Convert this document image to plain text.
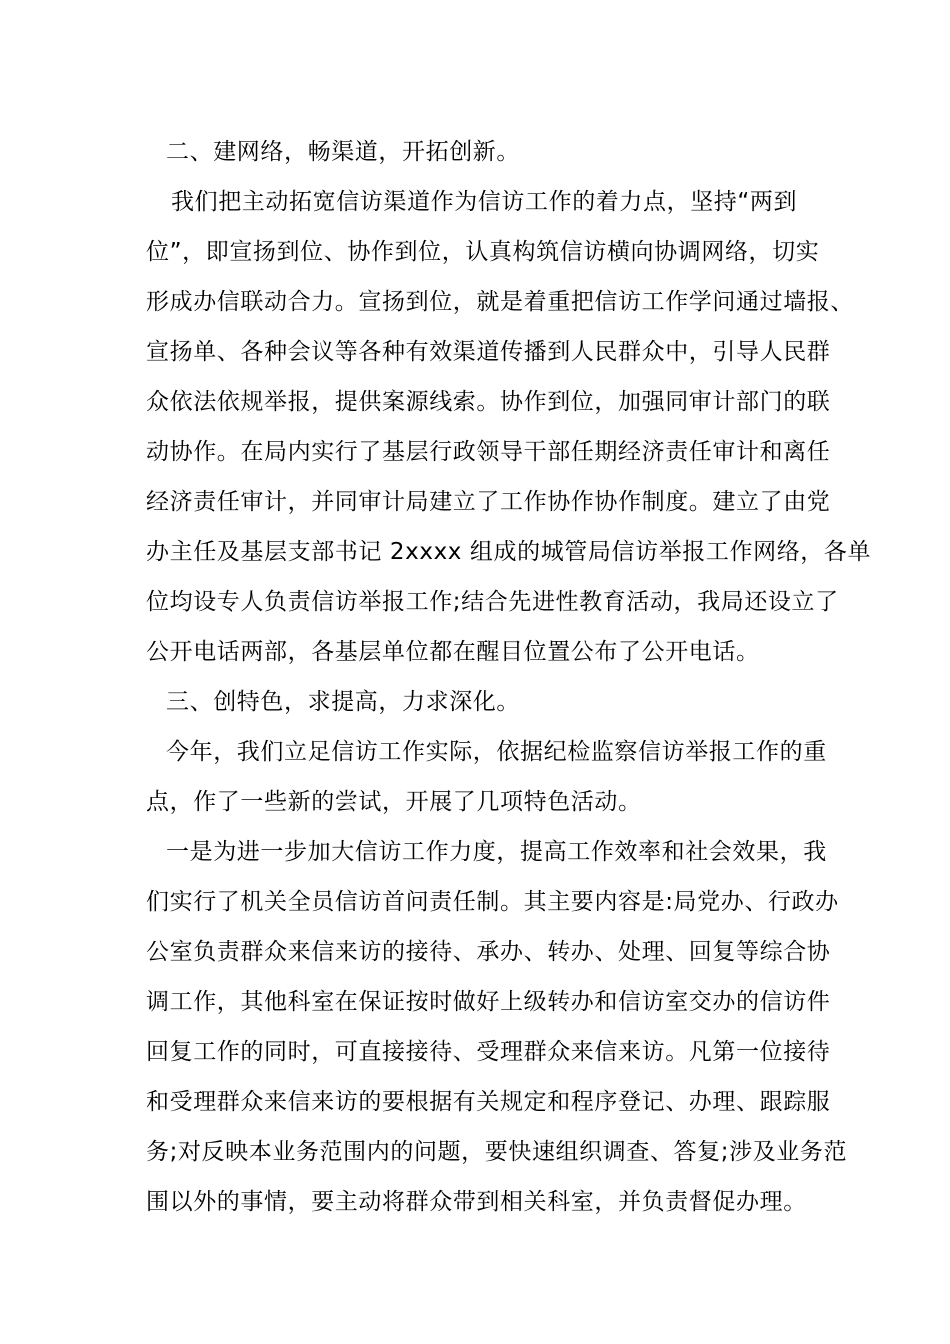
二、建网络，畅渠道，开拓创新。
我们把主动拓宽信访渠道作为信访工作的着力点，坚持“两到
位”，即宣扬到位、协作到位，认真构筑信访横向协调网络，切实
形成办信联动合力。宣扬到位，就是着重把信访工作学问通过墙报、
宣扬单、各种会议等各种有效渠道传播到人民群众中，引导人民群
众依法依规举报，提供案源线索。协作到位，加强同审计部门的联
动协作。在局内实行了基层行政领导干部任期经济责任审计和离任
经济责任审计，并同审计局建立了工作协作协作制度。建立了由党
办主任及基层支部书记 2xxxx 组成的城管局信访举报工作网络，各单
位均设专人负责信访举报工作;结合先进性教育活动，我局还设立了
公开电话两部，各基层单位都在醒目位置公布了公开电话。
三、创特色，求提高，力求深化。
今年，我们立足信访工作实际，依据纪检监察信访举报工作的重
点，作了一些新的尝试，开展了几项特色活动。
一是为进一步加大信访工作力度，提高工作效率和社会效果，我
们实行了机关全员信访首问责任制。其主要内容是:局党办、行政办
公室负责群众来信来访的接待、承办、转办、处理、回复等综合协
调工作，其他科室在保证按时做好上级转办和信访室交办的信访件
回复工作的同时，可直接接待、受理群众来信来访。凡第一位接待
和受理群众来信来访的要根据有关规定和程序登记、办理、跟踪服
务;对反映本业务范围内的问题，要快速组织调查、答复;涉及业务范
围以外的事情，要主动将群众带到相关科室，并负责督促办理。
